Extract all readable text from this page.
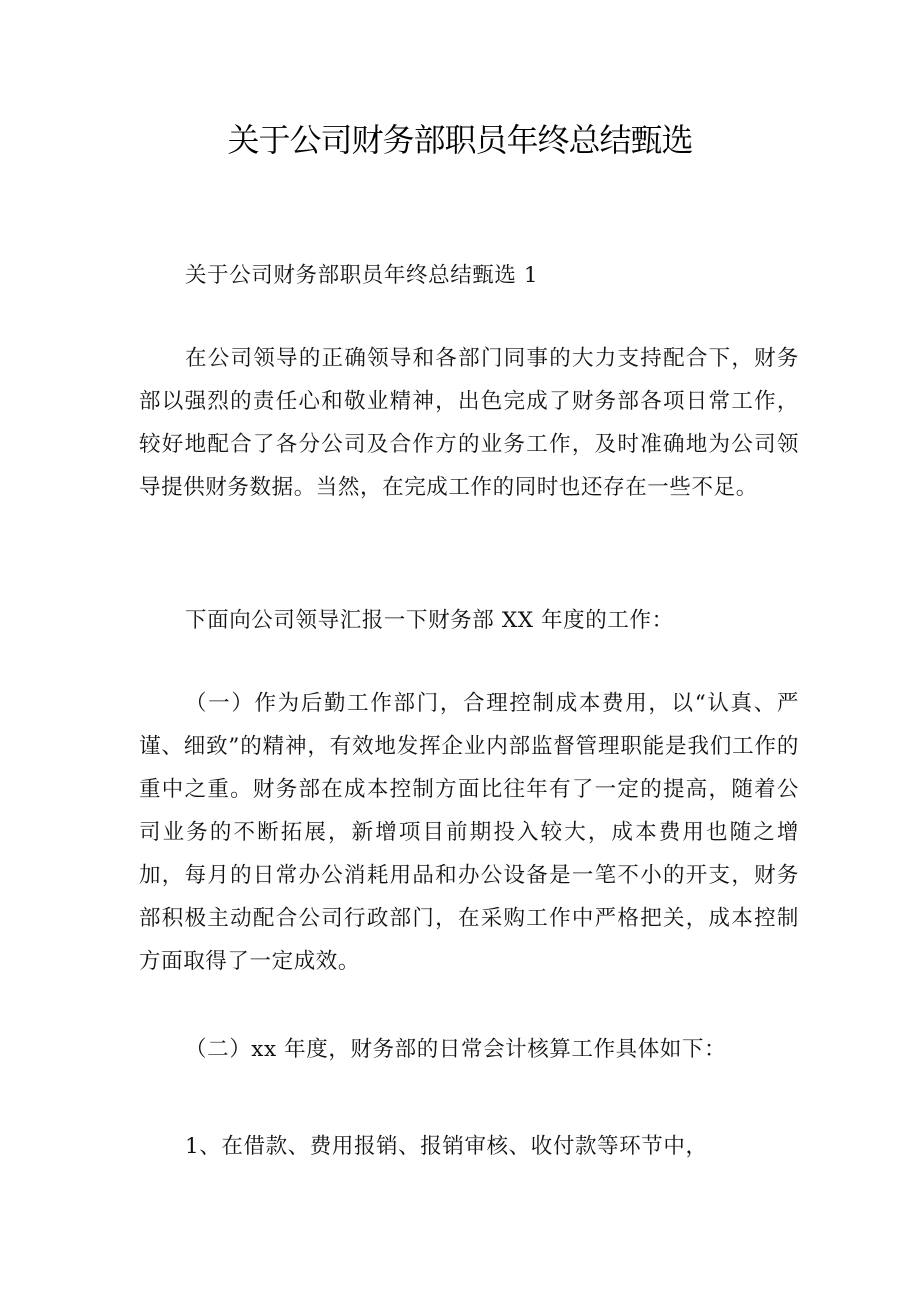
关于公司财务部职员年终总结甄选

关于公司财务部职员年终总结甄选 1

在公司领导的正确领导和各部门同事的大力支持配合下，财务部以强烈的责任心和敬业精神，出色完成了财务部各项日常工作，较好地配合了各分公司及合作方的业务工作，及时准确地为公司领导提供财务数据。当然，在完成工作的同时也还存在一些不足。

下面向公司领导汇报一下财务部 XX 年度的工作：

（一）作为后勤工作部门，合理控制成本费用，以“认真、严谨、细致”的精神，有效地发挥企业内部监督管理职能是我们工作的重中之重。财务部在成本控制方面比往年有了一定的提高，随着公司业务的不断拓展，新增项目前期投入较大，成本费用也随之增加，每月的日常办公消耗用品和办公设备是一笔不小的开支，财务部积极主动配合公司行政部门，在采购工作中严格把关，成本控制方面取得了一定成效。

（二）xx 年度，财务部的日常会计核算工作具体如下：

1、在借款、费用报销、报销审核、收付款等环节中，
